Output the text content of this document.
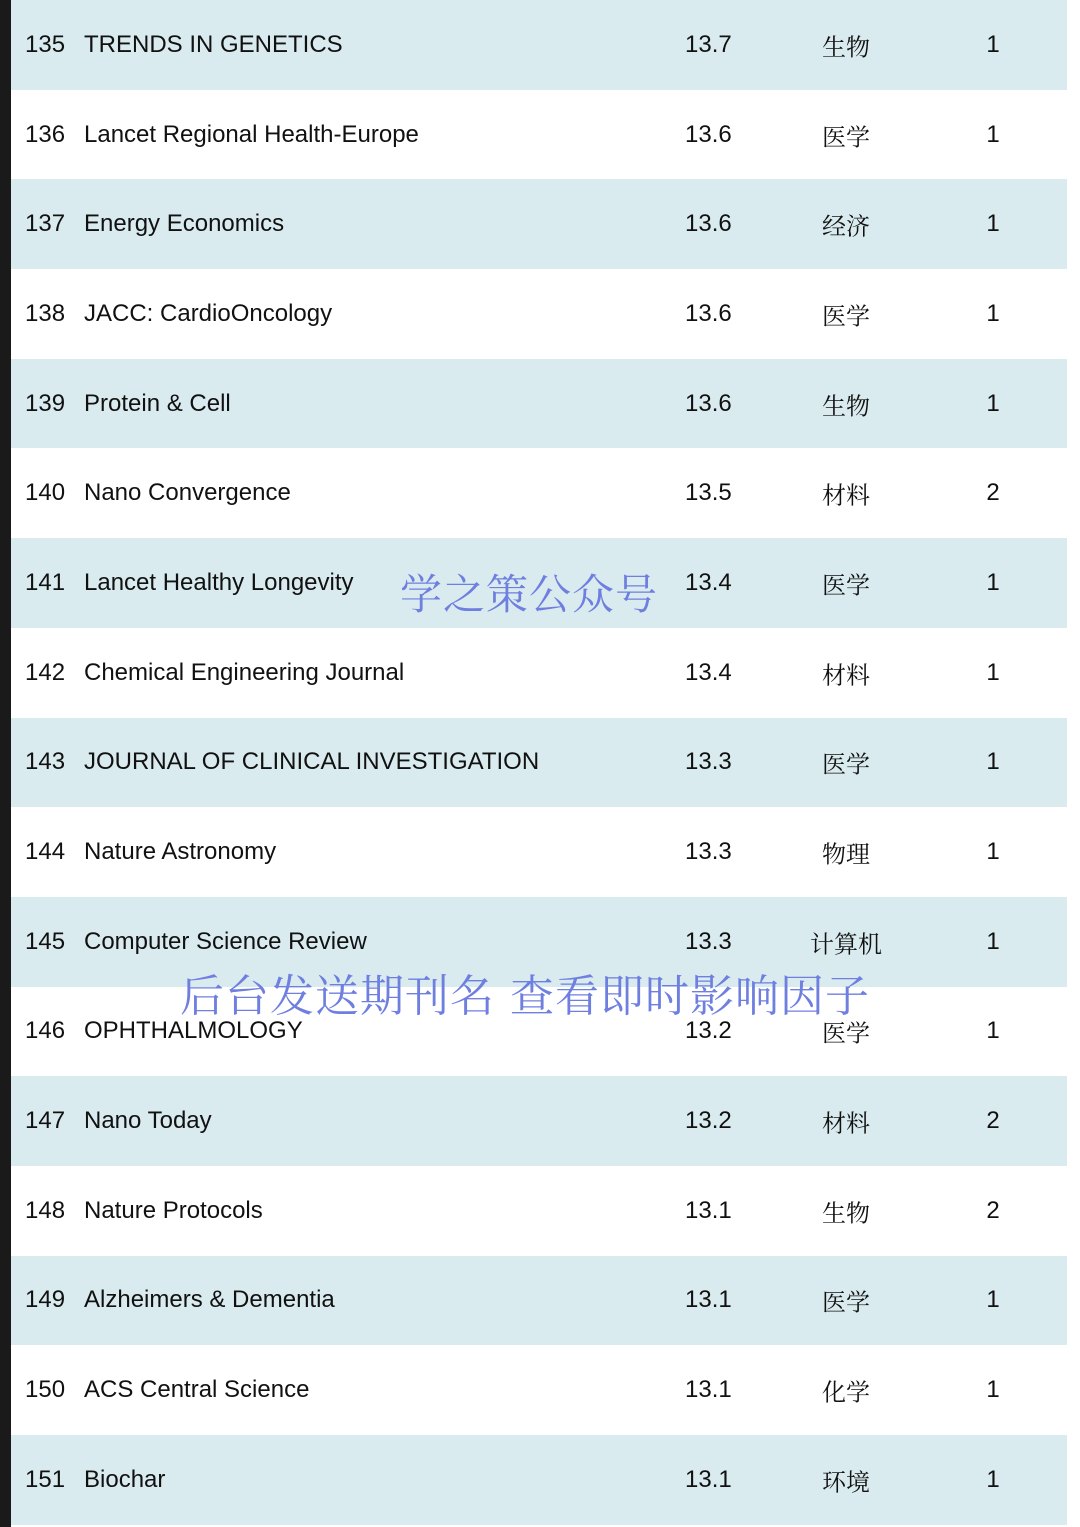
135 TRENDS IN GENETICS	13.7	生物	1
136 Lancet Regional Health-Europe	13.6	医学	1
137 Energy Economics	13.6	经济	1
138 JACC: CardioOncology	13.6	医学	1
139 Protein & Cell	13.6	生物	1
140 Nano Convergence	13.5	材料	2
141 Lancet Healthy Longevity	13.4	医学	1
142 Chemical Engineering Journal	13.4	材料	1
143 JOURNAL OF CLINICAL INVESTIGATION	13.3	医学	1
144 Nature Astronomy	13.3	物理	1
145 Computer Science Review	13.3	计算机	1
146 OPHTHALMOLOGY	13.2	医学	1
147 Nano Today	13.2	材料	2
148 Nature Protocols	13.1	生物	2
149 Alzheimers & Dementia	13.1	医学	1
150 ACS Central Science	13.1	化学	1
151 Biochar	13.1	环境	1
学之策公众号
后台发送期刊名 查看即时影响因子
